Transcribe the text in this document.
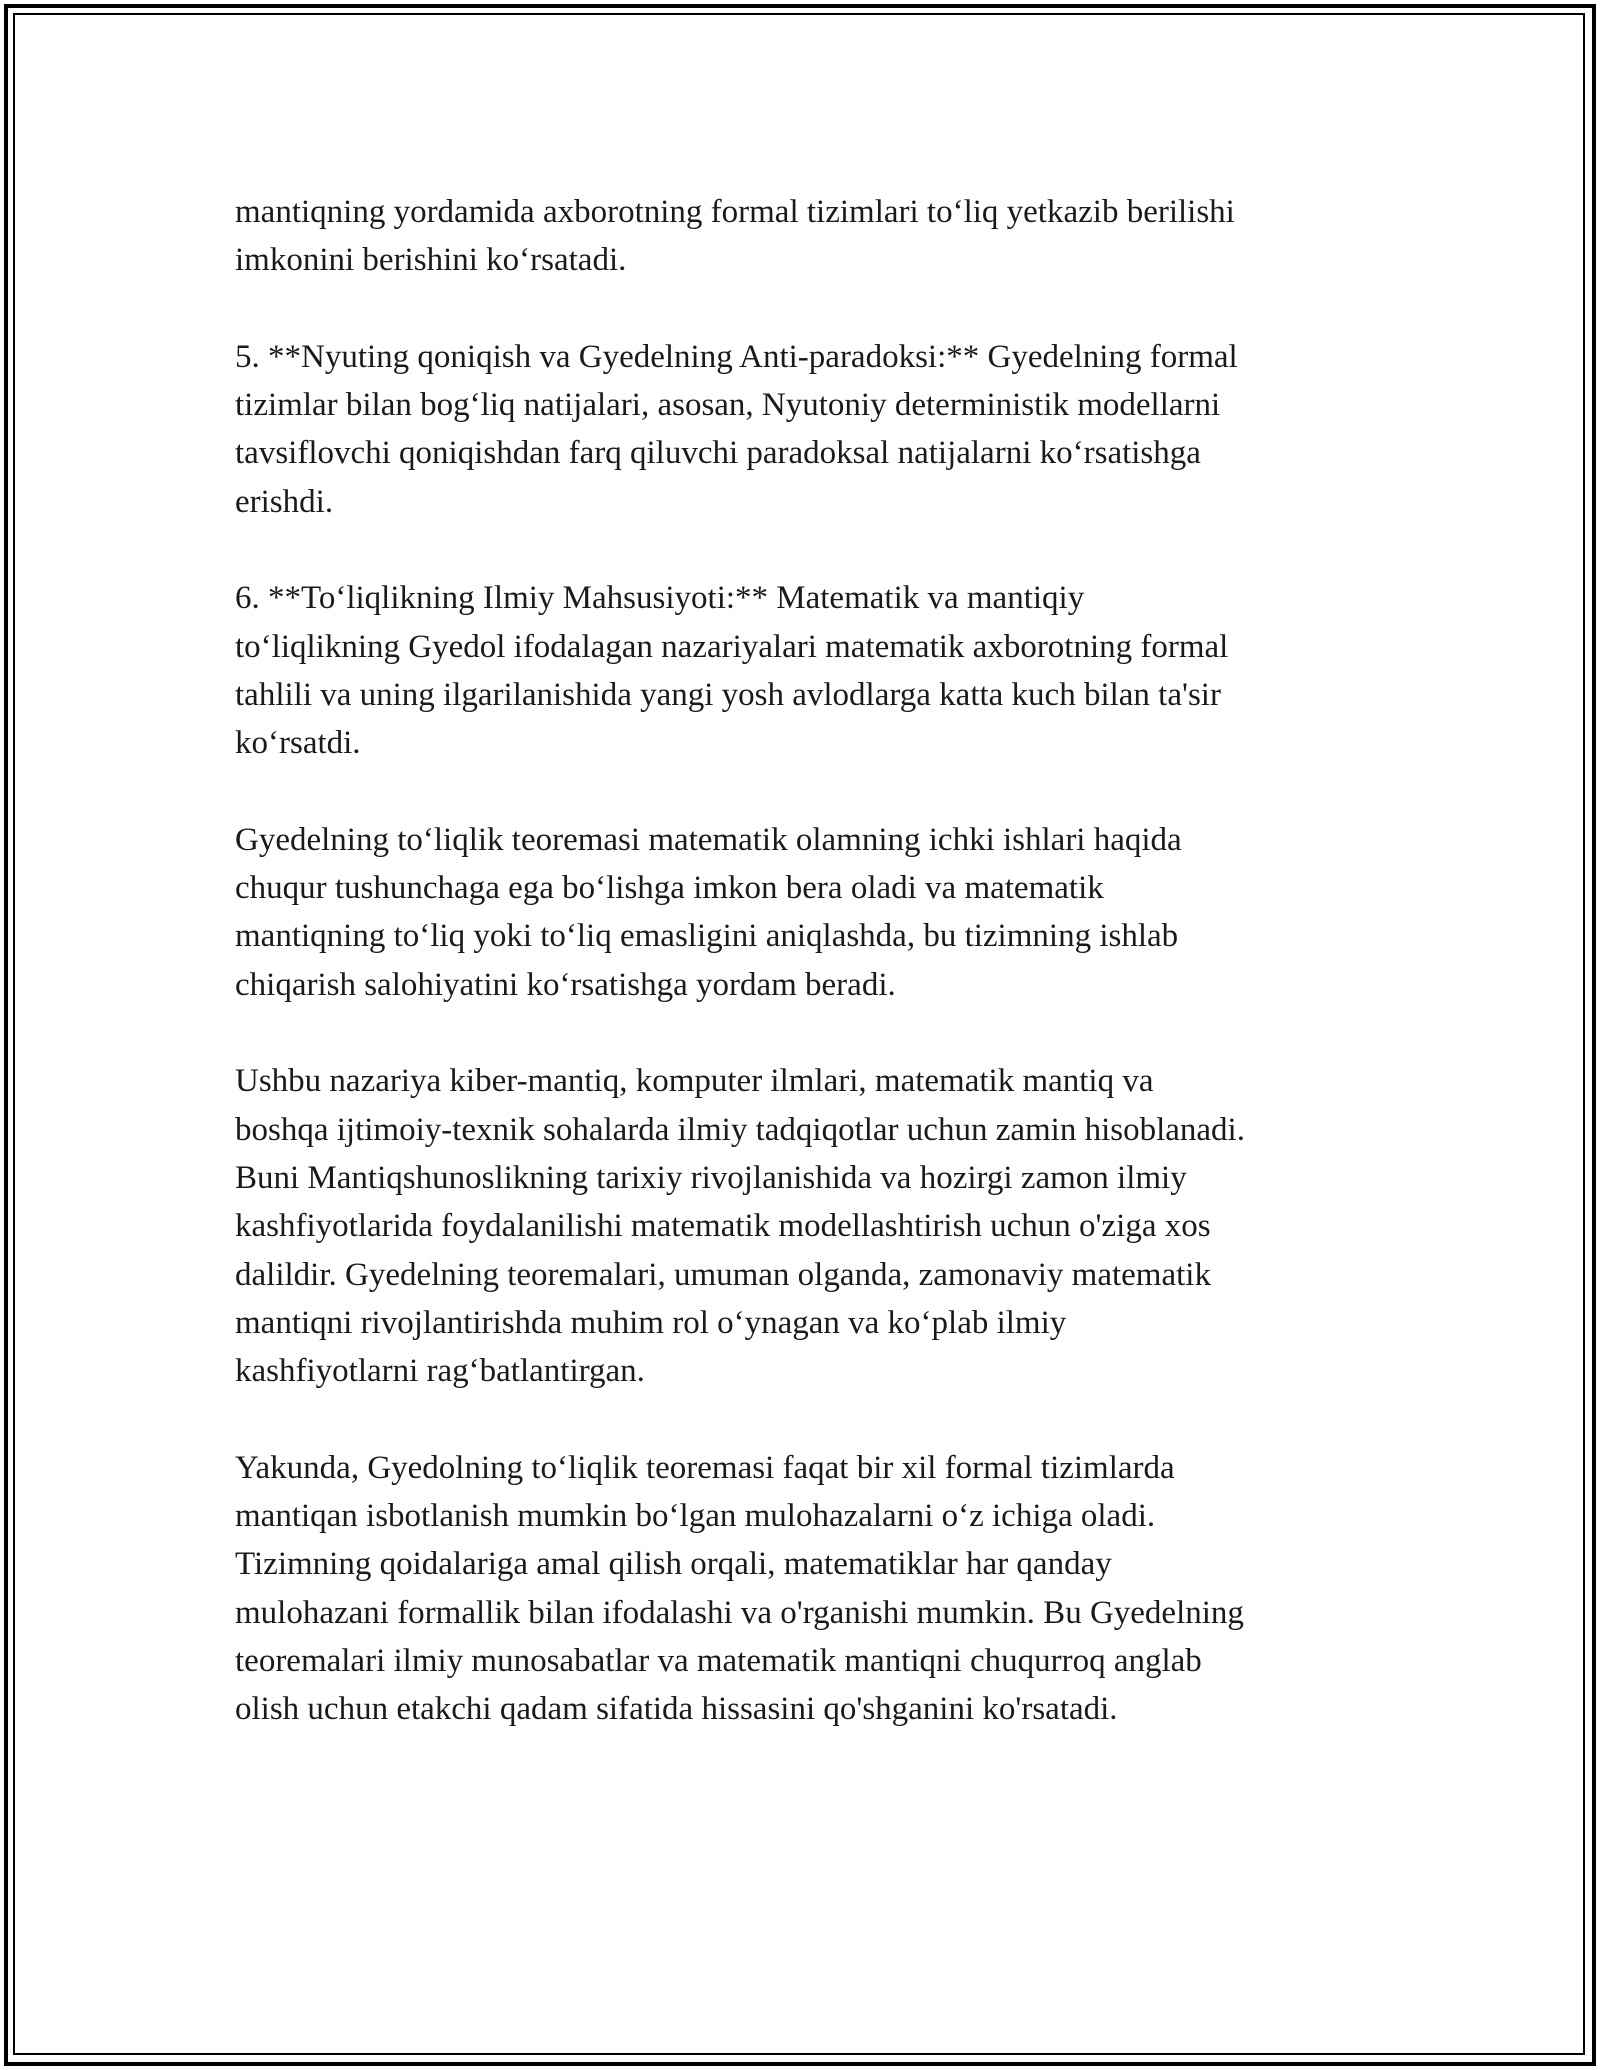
mantiqning yordamida axborotning formal tizimlari to‘liq yetkazib berilishi
imkonini berishini ko‘rsatadi.

5. **Nyuting qoniqish va Gyedelning Anti-paradoksi:** Gyedelning formal
tizimlar bilan bog‘liq natijalari, asosan, Nyutoniy deterministik modellarni
tavsiflovchi qoniqishdan farq qiluvchi paradoksal natijalarni ko‘rsatishga
erishdi.

6. **To‘liqlikning Ilmiy Mahsusiyoti:** Matematik va mantiqiy
to‘liqlikning Gyedol ifodalagan nazariyalari matematik axborotning formal
tahlili va uning ilgarilanishida yangi yosh avlodlarga katta kuch bilan ta'sir
ko‘rsatdi.

Gyedelning to‘liqlik teoremasi matematik olamning ichki ishlari haqida
chuqur tushunchaga ega bo‘lishga imkon bera oladi va matematik
mantiqning to‘liq yoki to‘liq emasligini aniqlashda, bu tizimning ishlab
chiqarish salohiyatini ko‘rsatishga yordam beradi.

Ushbu nazariya kiber-mantiq, komputer ilmlari, matematik mantiq va
boshqa ijtimoiy-texnik sohalarda ilmiy tadqiqotlar uchun zamin hisoblanadi.
Buni Mantiqshunoslikning tarixiy rivojlanishida va hozirgi zamon ilmiy
kashfiyotlarida foydalanilishi matematik modellashtirish uchun o'ziga xos
dalildir. Gyedelning teoremalari, umuman olganda, zamonaviy matematik
mantiqni rivojlantirishda muhim rol o‘ynagan va ko‘plab ilmiy
kashfiyotlarni rag‘batlantirgan.

Yakunda, Gyedolning to‘liqlik teoremasi faqat bir xil formal tizimlarda
mantiqan isbotlanish mumkin bo‘lgan mulohazalarni o‘z ichiga oladi.
Tizimning qoidalariga amal qilish orqali, matematiklar har qanday
mulohazani formallik bilan ifodalashi va o'rganishi mumkin. Bu Gyedelning
teoremalari ilmiy munosabatlar va matematik mantiqni chuqurroq anglab
olish uchun etakchi qadam sifatida hissasini qo'shganini ko'rsatadi.
